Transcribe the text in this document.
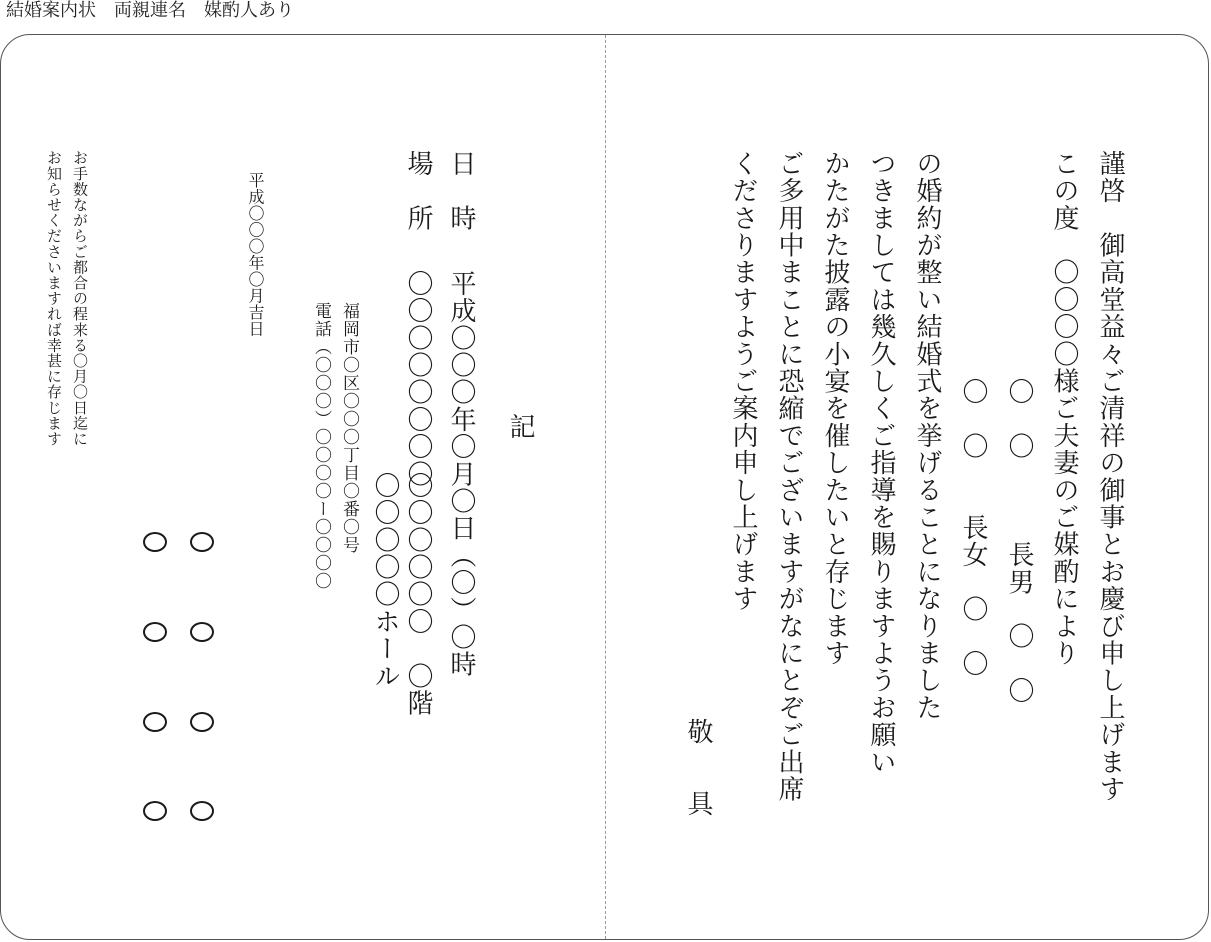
結婚案内状　両親連名　媒酌人あり
謹啓　御高堂益々ご清祥の御事とお慶び申し上げます
この度　〇〇〇〇様ご夫妻のご媒酌により
〇　〇　　　長男　〇　〇
〇　〇　　長女　〇　〇
の婚約が整い結婚式を挙げることになりました
つきましては幾久しくご指導を賜りますようお願い
かたがた披露の小宴を催したいと存じます
ご多用中まことに恐縮でございますがなにとぞご出席
くださりますようご案内申し上げます
敬　具
記
日　時
平成〇〇〇年〇月〇日（〇）〇時
場　所
〇〇〇〇〇〇〇〇
〇〇〇〇〇〇　〇階
〇〇〇〇〇ホール
福岡市〇区〇〇〇丁目〇番〇号
電話（〇〇〇）〇〇〇〇ー〇〇〇〇
平成〇〇〇年〇月吉日
お手数ながらご都合の程来る〇月〇日迄に
お知らせくださいますれば幸甚に存じます
